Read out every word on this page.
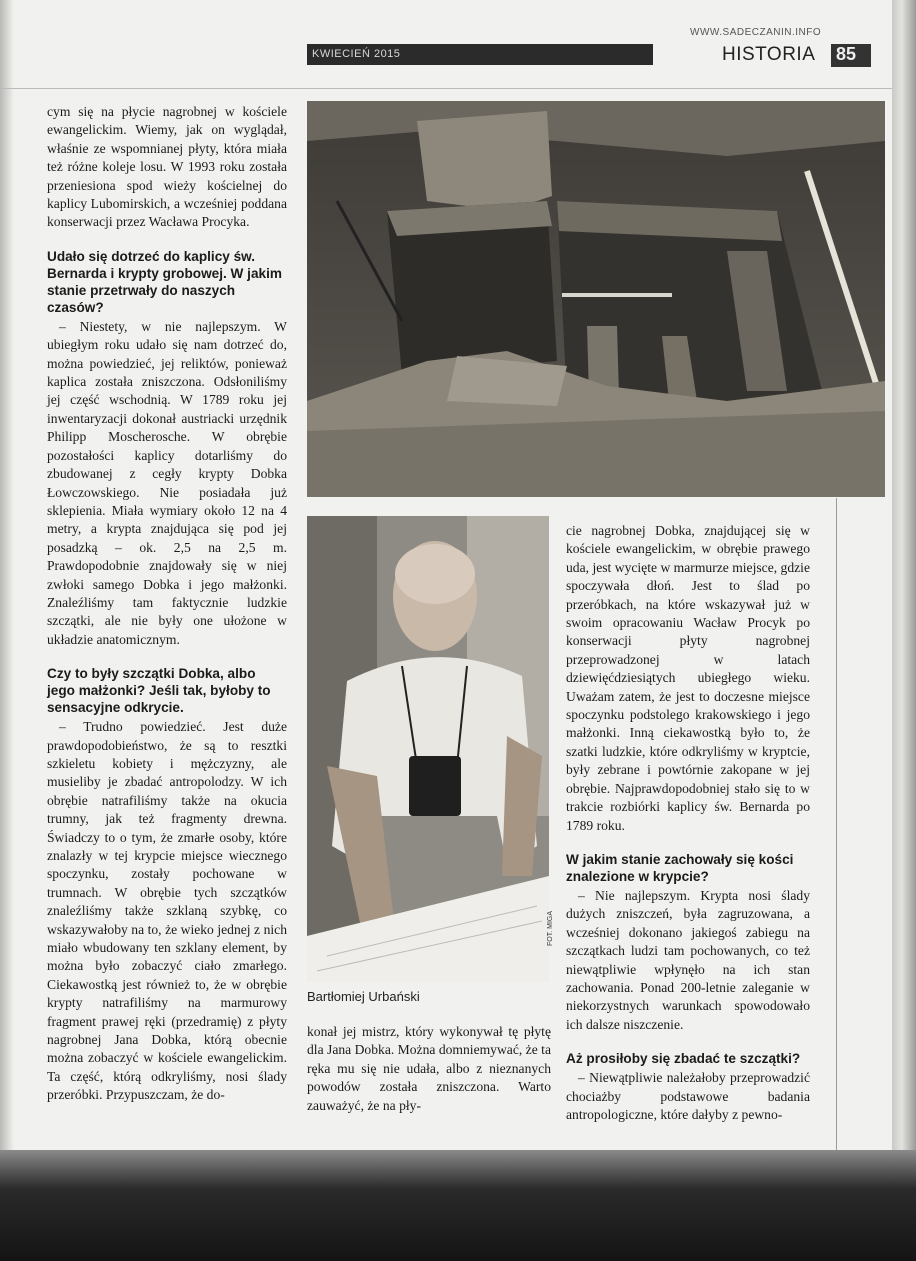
WWW.SADECZANIN.INFO
KWIECIEŃ 2015	HISTORIA 85

cym się na płycie nagrobnej w kościele ewangelickim. Wiemy, jak on wyglądał, właśnie ze wspomnianej płyty, która miała też różne koleje losu. W 1993 roku została przeniesiona spod wieży kościelnej do kaplicy Lubomirskich, a wcześniej poddana konserwacji przez Wacława Procyka.

Udało się dotrzeć do kaplicy św. Bernarda i krypty grobowej. W jakim stanie przetrwały do naszych czasów?

– Niestety, w nie najlepszym. W ubiegłym roku udało się nam dotrzeć do, można powiedzieć, jej reliktów, ponieważ kaplica została zniszczona. Odsłoniliśmy jej część wschodnią. W 1789 roku jej inwentaryzacji dokonał austriacki urzędnik Philipp Moscherosche. W obrębie pozostałości kaplicy dotarliśmy do zbudowanej z cegły krypty Dobka Łowczowskiego. Nie posiadała już sklepienia. Miała wymiary około 12 na 4 metry, a krypta znajdująca się pod jej posadzką – ok. 2,5 na 2,5 m. Prawdopodobnie znajdowały się w niej zwłoki samego Dobka i jego małżonki. Znaleźliśmy tam faktycznie ludzkie szczątki, ale nie były one ułożone w układzie anatomicznym.

Czy to były szczątki Dobka, albo jego małżonki? Jeśli tak, byłoby to sensacyjne odkrycie.

– Trudno powiedzieć. Jest duże prawdopodobieństwo, że są to resztki szkieletu kobiety i mężczyzny, ale musieliby je zbadać antropolodzy. W ich obrębie natrafiliśmy także na okucia trumny, jak też fragmenty drewna. Świadczy to o tym, że zmarłe osoby, które znalazły w tej krypcie miejsce wiecznego spoczynku, zostały pochowane w trumnach. W obrębie tych szczątków znaleźliśmy także szklaną szybkę, co wskazywałoby na to, że wieko jednej z nich miało wbudowany ten szklany element, by można było zobaczyć ciało zmarłego. Ciekawostką jest również to, że w obrębie krypty natrafiliśmy na marmurowy fragment prawej ręki (przedramię) z płyty nagrobnej Jana Dobka, którą obecnie można zobaczyć w kościele ewangelickim. Ta część, którą odkryliśmy, nosi ślady przeróbki. Przypuszczam, że do-

FOT. MIGA
Bartłomiej Urbański

konał jej mistrz, który wykonywał tę płytę dla Jana Dobka. Można domniemywać, że ta ręka mu się nie udała, albo z nieznanych powodów została zniszczona. Warto zauważyć, że na pły-

cie nagrobnej Dobka, znajdującej się w kościele ewangelickim, w obrębie prawego uda, jest wycięte w marmurze miejsce, gdzie spoczywała dłoń. Jest to ślad po przeróbkach, na które wskazywał już w swoim opracowaniu Wacław Procyk po konserwacji płyty nagrobnej przeprowadzonej w latach dziewięćdziesiątych ubiegłego wieku. Uważam zatem, że jest to doczesne miejsce spoczynku podstolego krakowskiego i jego małżonki. Inną ciekawostką było to, że szatki ludzkie, które odkryliśmy w kryptcie, były zebrane i powtórnie zakopane w jej obrębie. Najprawdopodobniej stało się to w trakcie rozbiórki kaplicy św. Bernarda po 1789 roku.

W jakim stanie zachowały się kości znalezione w krypcie?

– Nie najlepszym. Krypta nosi ślady dużych zniszczeń, była zagruzowana, a wcześniej dokonano jakiegoś zabiegu na szczątkach ludzi tam pochowanych, co też niewątpliwie wpłynęło na ich stan zachowania. Ponad 200-letnie zaleganie w niekorzystnych warunkach spowodowało ich dalsze niszczenie.

Aż prosiłoby się zbadać te szczątki?

– Niewątpliwie należałoby przeprowadzić chociażby podstawowe badania antropologiczne, które dałyby z pewno-
